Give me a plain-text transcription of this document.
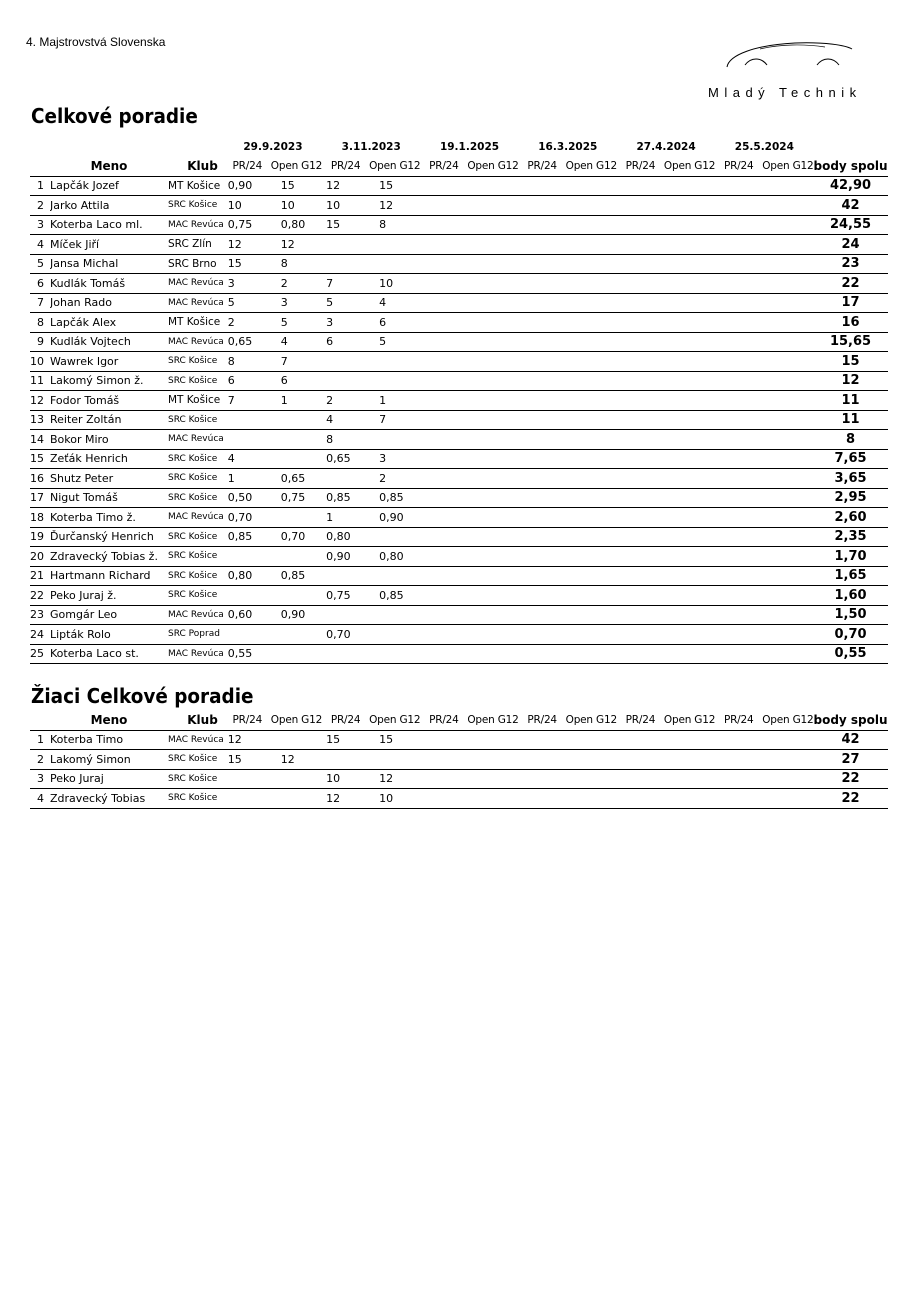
4. Majstrovstvá Slovenska
Mladý Technik
Celkové poradie
			29.9.2023		3.11.2023		19.1.2025		16.3.2025		27.4.2024		25.5.2024		
	Meno	Klub	PR/24	Open G12	PR/24	Open G12	PR/24	Open G12	PR/24	Open G12	PR/24	Open G12	PR/24	Open G12	body spolu
1	Lapčák Jozef	MT Košice	0,90	15	12	15									42,90
2	Jarko Attila	SRC Košice	10	10	10	12									42
3	Koterba Laco ml.	MAC Revúca	0,75	0,80	15	8									24,55
4	Míček Jiří	SRC Zlín	12	12											24
5	Jansa Michal	SRC Brno	15	8											23
6	Kudlák Tomáš	MAC Revúca	3	2	7	10									22
7	Johan Rado	MAC Revúca	5	3	5	4									17
8	Lapčák Alex	MT Košice	2	5	3	6									16
9	Kudlák Vojtech	MAC Revúca	0,65	4	6	5									15,65
10	Wawrek Igor	SRC Košice	8	7											15
11	Lakomý Simon ž.	SRC Košice	6	6											12
12	Fodor Tomáš	MT Košice	7	1	2	1									11
13	Reiter Zoltán	SRC Košice			4	7									11
14	Bokor Miro	MAC Revúca			8										8
15	Zeťák Henrich	SRC Košice	4		0,65	3									7,65
16	Shutz Peter	SRC Košice	1	0,65		2									3,65
17	Nigut Tomáš	SRC Košice	0,50	0,75	0,85	0,85									2,95
18	Koterba Timo ž.	MAC Revúca	0,70		1	0,90									2,60
19	Ďurčanský Henrich	SRC Košice	0,85	0,70	0,80										2,35
20	Zdravecký Tobias ž.	SRC Košice			0,90	0,80									1,70
21	Hartmann Richard	SRC Košice	0,80	0,85											1,65
22	Peko Juraj ž.	SRC Košice			0,75	0,85									1,60
23	Gomgár Leo	MAC Revúca	0,60	0,90											1,50
24	Lipták Rolo	SRC Poprad			0,70										0,70
25	Koterba Laco st.	MAC Revúca	0,55												0,55
Žiaci Celkové poradie
	Meno	Klub	PR/24	Open G12	PR/24	Open G12	PR/24	Open G12	PR/24	Open G12	PR/24	Open G12	PR/24	Open G12	body spolu
1	Koterba Timo	MAC Revúca	12		15	15									42
2	Lakomý Simon	SRC Košice	15	12											27
3	Peko Juraj	SRC Košice			10	12									22
4	Zdravecký Tobias	SRC Košice			12	10									22
